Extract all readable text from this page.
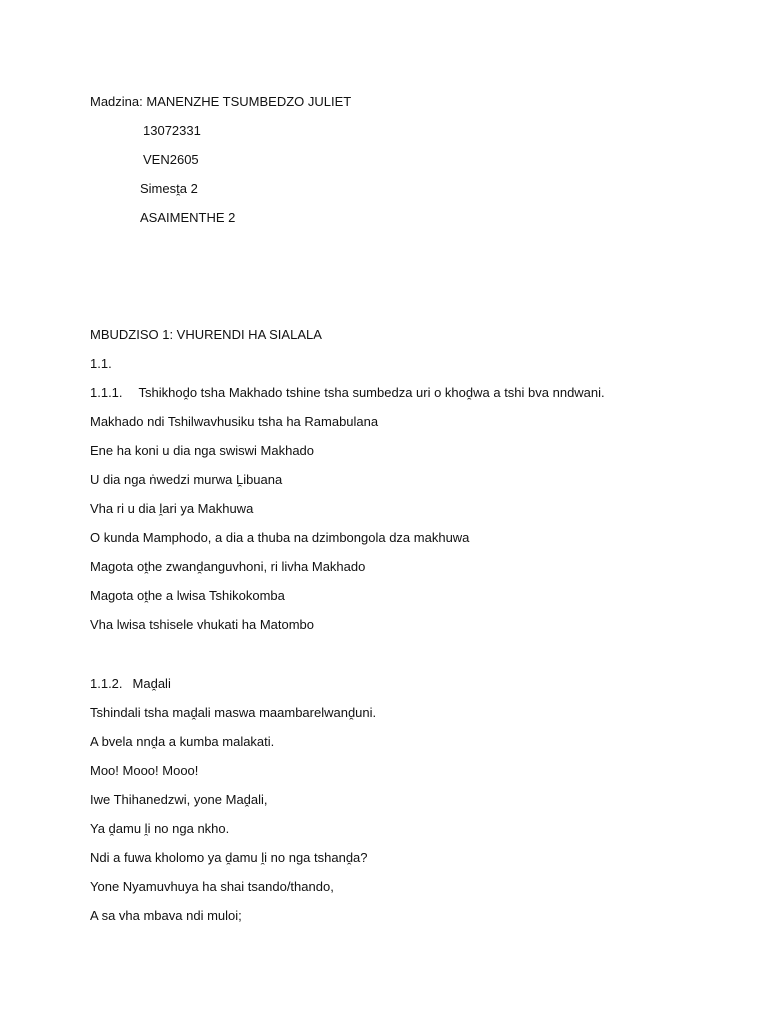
Madzina: MANENZHE TSUMBEDZO JULIET
13072331
VEN2605
Simesṱa 2
ASAIMENTHE 2
MBUDZISO 1: VHURENDI HA SIALALA
1.1.
1.1.1. Tshikhoḓo tsha Makhado tshine tsha sumbedza uri o khoḓwa a tshi bva nndwani.
Makhado ndi Tshilwavhusiku tsha ha Ramabulana
Ene ha koni u dia nga swiswi Makhado
U dia nga ṅwedzi murwa Ḽibuana
Vha ri u dia ḽari ya Makhuwa
O kunda Mamphodo, a dia a thuba na dzimbongola dza makhuwa
Magota oṱhe zwanḓanguvhoni, ri livha Makhado
Magota oṱhe a lwisa Tshikokomba
Vha lwisa tshisele vhukati ha Matombo
1.1.2. Maḓali
Tshindali tsha maḓali maswa maambarelwanḓuni.
A bvela nnḓa a kumba malakati.
Moo! Mooo! Mooo!
Iwe Thihanedzwi, yone Maḓali,
Ya ḓamu ḽi no nga nkho.
Ndi a fuwa kholomo ya ḓamu ḽi no nga tshanḓa?
Yone Nyamuvhuya ha shai tsando/thando,
A sa vha mbava ndi muloi;
